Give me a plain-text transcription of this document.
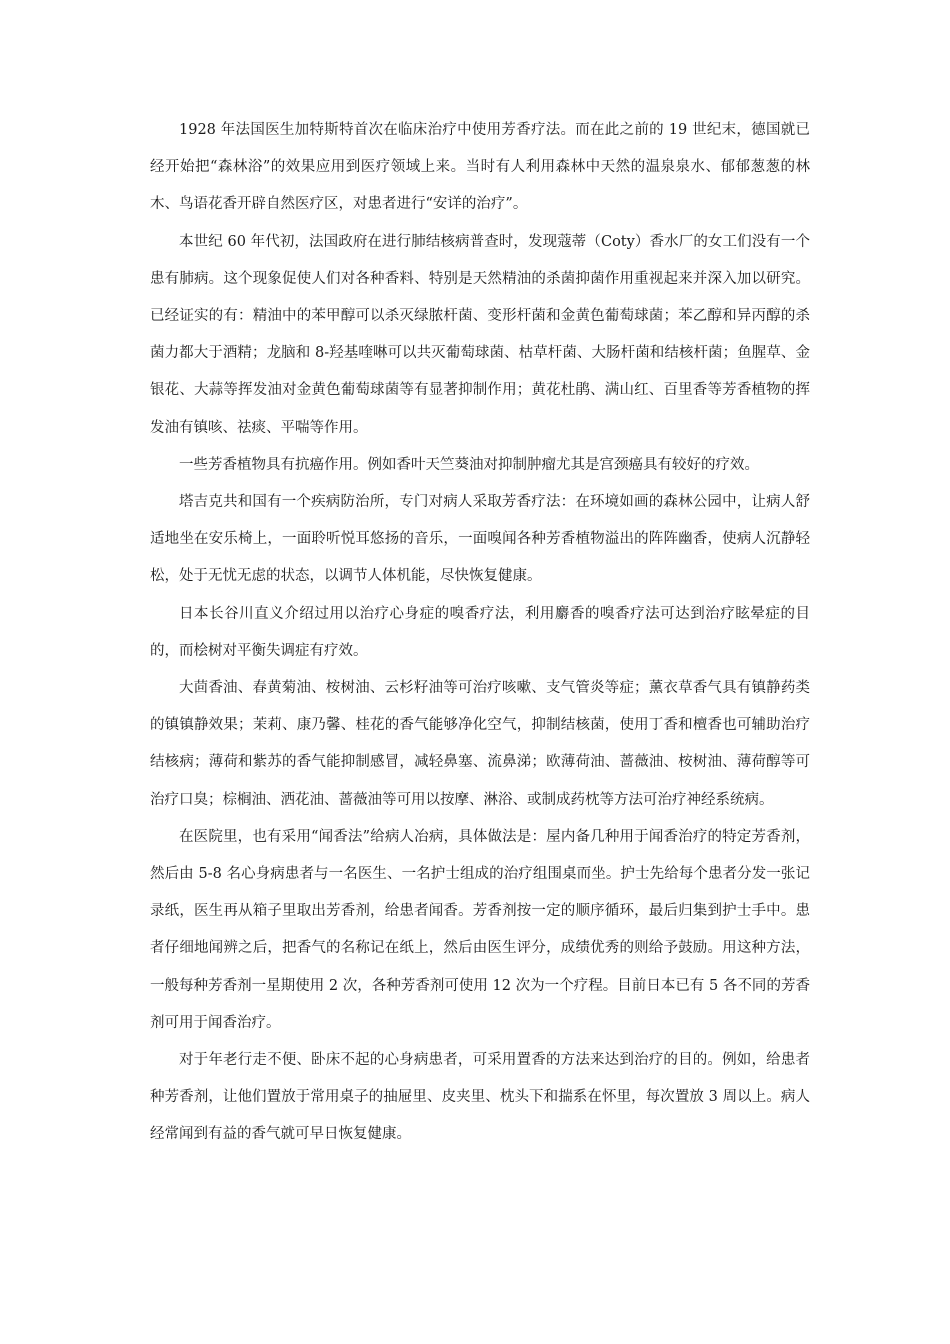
1928 年法国医生加特斯特首次在临床治疗中使用芳香疗法。而在此之前的 19 世纪末，德国就已经开始把“森林浴”的效果应用到医疗领域上来。当时有人利用森林中天然的温泉泉水、郁郁葱葱的林木、鸟语花香开辟自然医疗区，对患者进行“安详的治疗”。

本世纪 60 年代初，法国政府在进行肺结核病普查时，发现蔻蒂（Coty）香水厂的女工们没有一个患有肺病。这个现象促使人们对各种香料、特别是天然精油的杀菌抑菌作用重视起来并深入加以研究。已经证实的有：精油中的苯甲醇可以杀灭绿脓杆菌、变形杆菌和金黄色葡萄球菌；苯乙醇和异丙醇的杀菌力都大于酒精；龙脑和 8-羟基喹啉可以共灭葡萄球菌、枯草杆菌、大肠杆菌和结核杆菌；鱼腥草、金银花、大蒜等挥发油对金黄色葡萄球菌等有显著抑制作用；黄花杜鹃、满山红、百里香等芳香植物的挥发油有镇咳、祛痰、平喘等作用。

一些芳香植物具有抗癌作用。例如香叶天竺葵油对抑制肿瘤尤其是宫颈癌具有较好的疗效。

塔吉克共和国有一个疾病防治所，专门对病人采取芳香疗法：在环境如画的森林公园中，让病人舒适地坐在安乐椅上，一面聆听悦耳悠扬的音乐，一面嗅闻各种芳香植物溢出的阵阵幽香，使病人沉静轻松，处于无忧无虑的状态，以调节人体机能，尽快恢复健康。

日本长谷川直义介绍过用以治疗心身症的嗅香疗法，利用麝香的嗅香疗法可达到治疗眩晕症的目的，而桧树对平衡失调症有疗效。

大茴香油、春黄菊油、桉树油、云杉籽油等可治疗咳嗽、支气管炎等症；薰衣草香气具有镇静药类的镇镇静效果；茉莉、康乃馨、桂花的香气能够净化空气，抑制结核菌，使用丁香和檀香也可辅助治疗结核病；薄荷和紫苏的香气能抑制感冒，减轻鼻塞、流鼻涕；欧薄荷油、蔷薇油、桉树油、薄荷醇等可治疗口臭；棕榈油、洒花油、蔷薇油等可用以按摩、淋浴、或制成药枕等方法可治疗神经系统病。

在医院里，也有采用“闻香法”给病人冶病，具体做法是：屋内备几种用于闻香治疗的特定芳香剂，然后由 5-8 名心身病患者与一名医生、一名护士组成的治疗组围桌而坐。护士先给每个患者分发一张记录纸，医生再从箱子里取出芳香剂，给患者闻香。芳香剂按一定的顺序循环，最后归集到护士手中。患者仔细地闻辨之后，把香气的名称记在纸上，然后由医生评分，成绩优秀的则给予鼓励。用这种方法，一般每种芳香剂一星期使用 2 次，各种芳香剂可使用 12 次为一个疗程。目前日本已有 5 各不同的芳香剂可用于闻香治疗。

对于年老行走不便、卧床不起的心身病患者，可采用置香的方法来达到治疗的目的。例如，给患者 种芳香剂，让他们置放于常用桌子的抽屉里、皮夹里、枕头下和揣系在怀里，每次置放 3 周以上。病人经常闻到有益的香气就可早日恢复健康。
